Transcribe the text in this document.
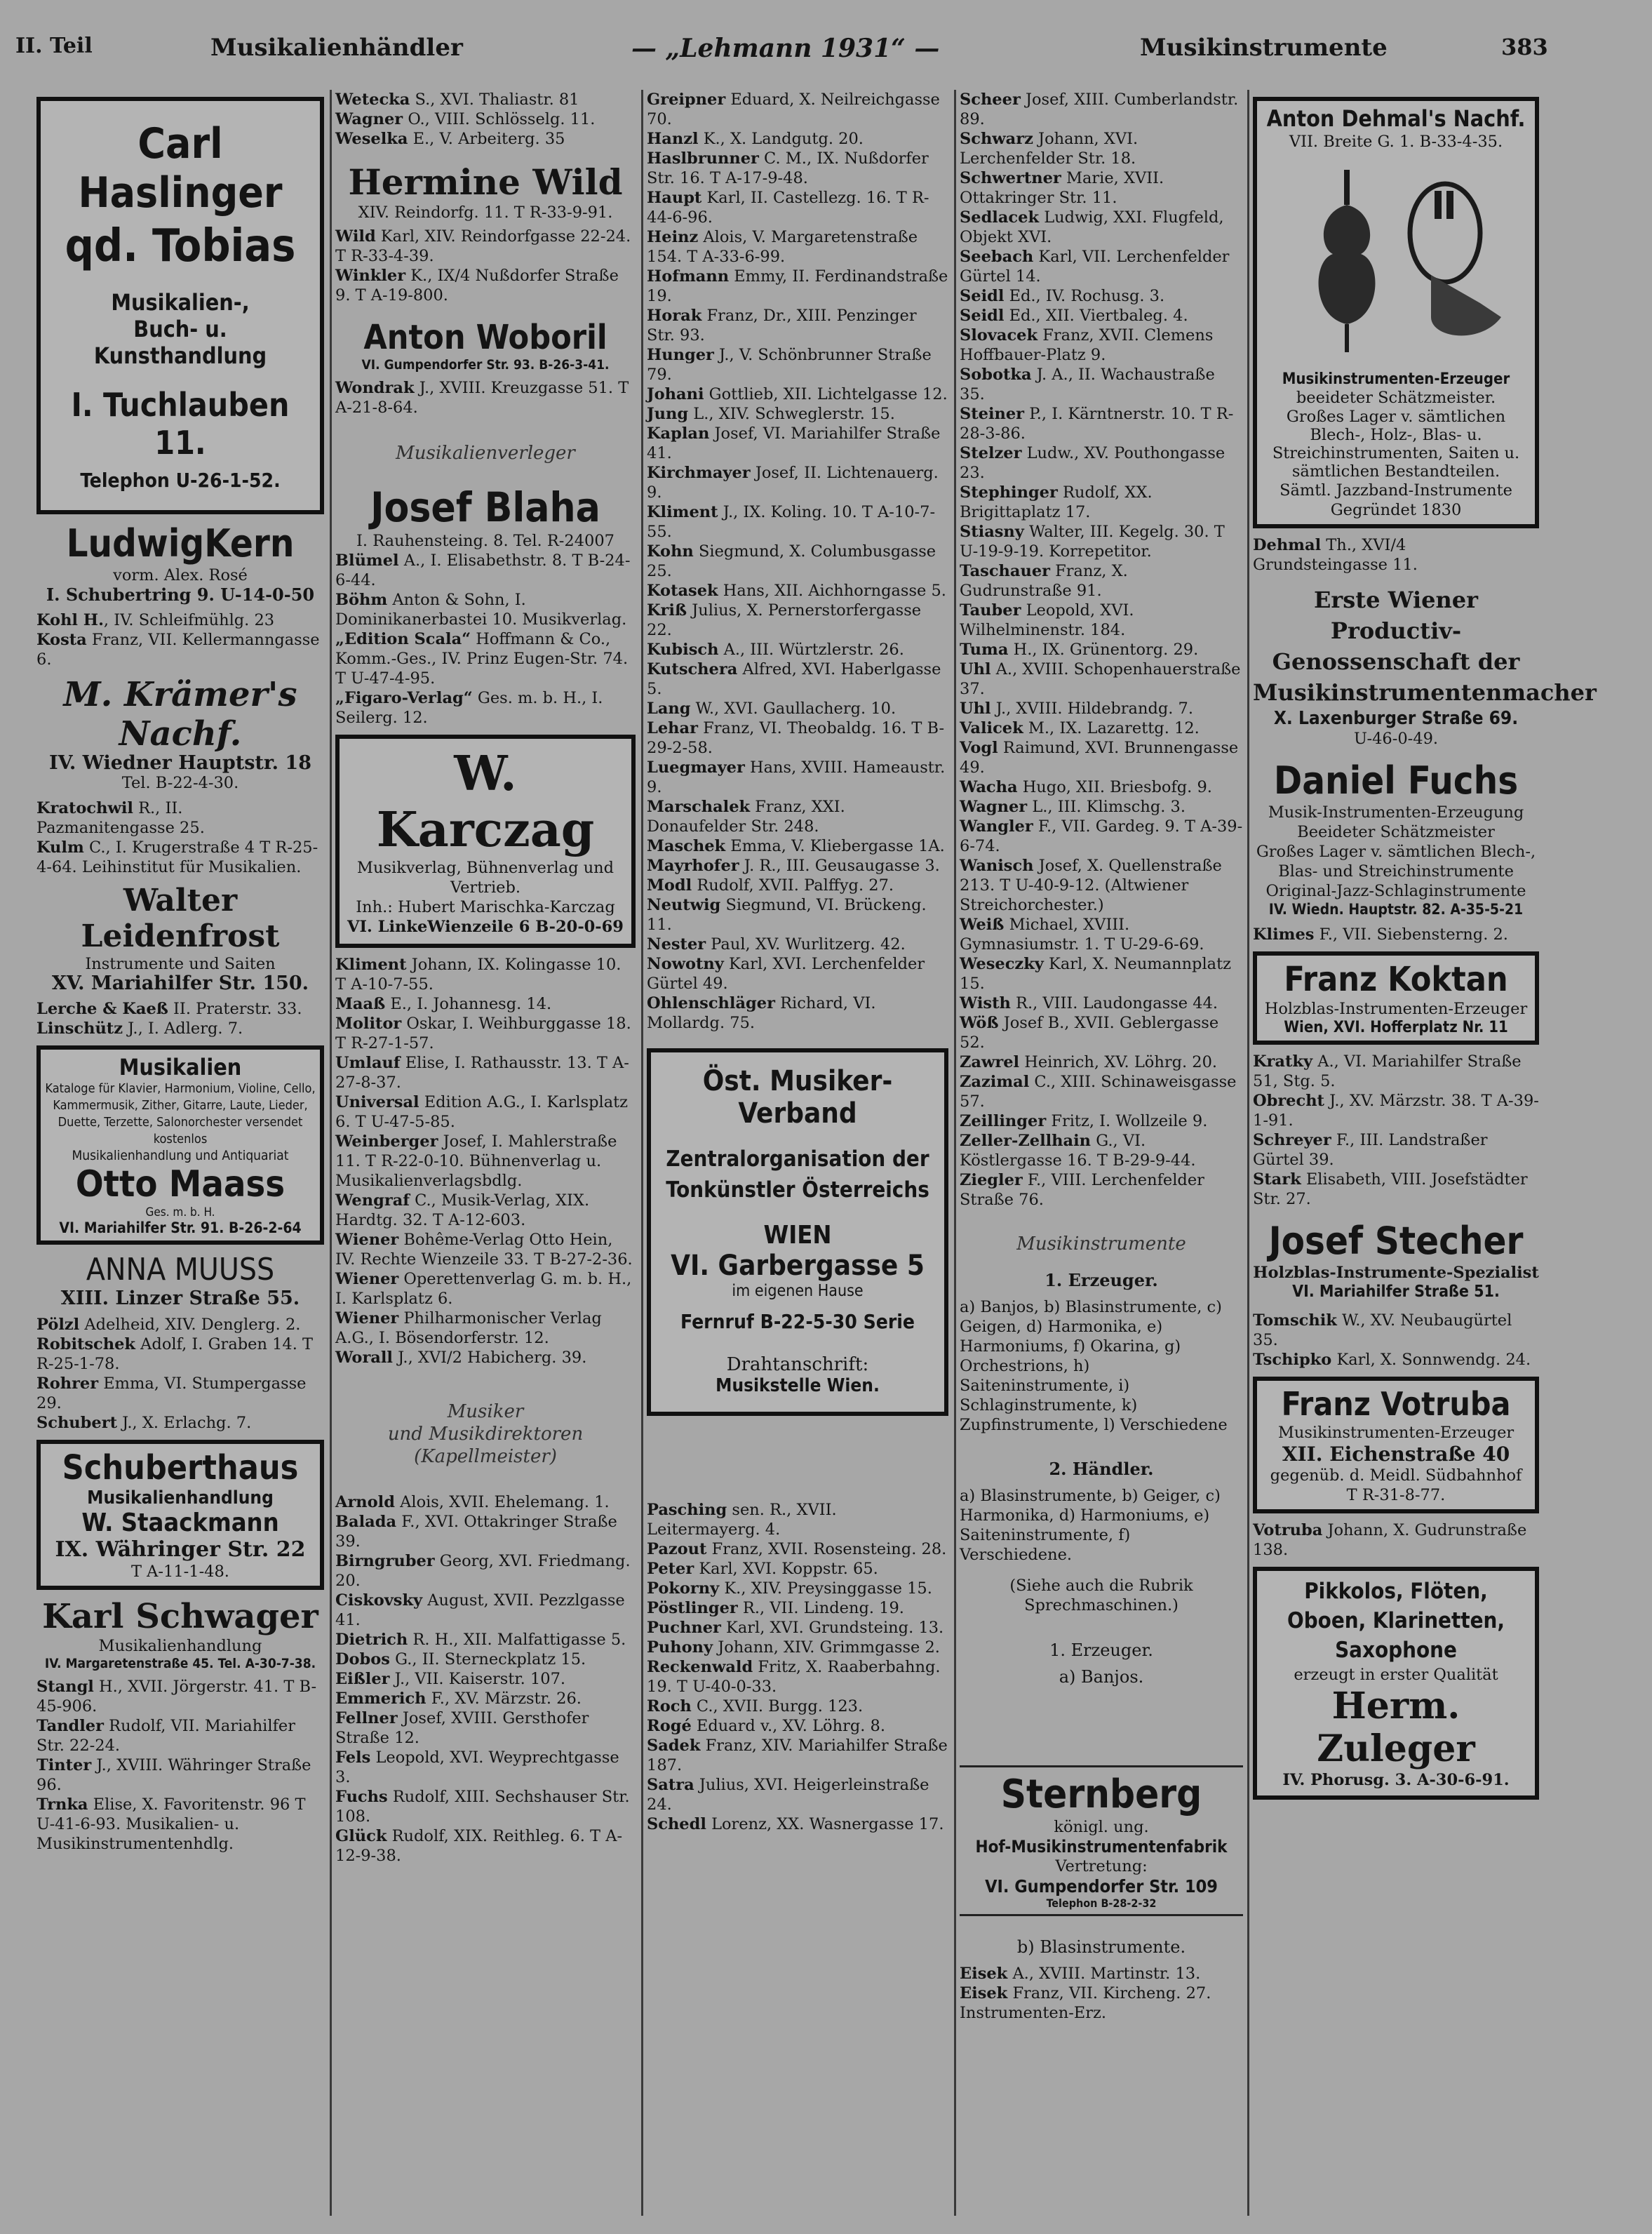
II. Teil	Musikalienhändler	— „Lehmann 1931“ —	Musikinstrumente	383
Carl Haslinger
qd. Tobias
Musikalien-,
Buch- u. Kunsthandlung
I. Tuchlauben 11.
Telephon U-26-1-52.
LudwigKern
vorm. Alex. Rosé
I. Schubertring 9. U-14-0-50

Kohl H., IV. Schleifmühlg. 23

Kosta Franz, VII. Kellermanngasse 6.

M. Krämer's Nachf.
IV. Wiedner Hauptstr. 18
Tel. B-22-4-30.

Kratochwil R., II. Pazmanitengasse 25.

Kulm C., I. Krugerstraße 4 T R-25-4-64. Leihinstitut für Musikalien.

Walter Leidenfrost
Instrumente und Saiten
XV. Mariahilfer Str. 150.

Lerche & Kaeß II. Praterstr. 33.

Linschütz J., I. Adlerg. 7.

Musikalien
Kataloge für Klavier, Harmonium, Violine, Cello, Kammermusik, Zither, Gitarre, Laute, Lieder, Duette, Terzette, Salonorchester versendet kostenlos
Musikalienhandlung und Antiquariat
Otto Maass
Ges. m. b. H.
VI. Mariahilfer Str. 91. B-26-2-64
ANNA MUUSS
XIII. Linzer Straße 55.

Pölzl Adelheid, XIV. Denglerg. 2.

Robitschek Adolf, I. Graben 14. T R-25-1-78.

Rohrer Emma, VI. Stumpergasse 29.

Schubert J., X. Erlachg. 7.

Schuberthaus
Musikalienhandlung
W. Staackmann
IX. Währinger Str. 22
T A-11-1-48.
Karl Schwager
Musikalienhandlung
IV. Margaretenstraße 45. Tel. A-30-7-38.

Stangl H., XVII. Jörgerstr. 41. T B-45-906.

Tandler Rudolf, VII. Mariahilfer Str. 22-24.

Tinter J., XVIII. Währinger Straße 96.

Trnka Elise, X. Favoritenstr. 96 T U-41-6-93. Musikalien- u. Musikinstrumentenhdlg.

Wetecka S., XVI. Thaliastr. 81

Wagner O., VIII. Schlösselg. 11.

Weselka E., V. Arbeiterg. 35

Hermine Wild
XIV. Reindorfg. 11. T R-33-9-91.

Wild Karl, XIV. Reindorfgasse 22-24. T R-33-4-39.

Winkler K., IX/4 Nußdorfer Straße 9. T A-19-800.

Anton Woboril
VI. Gumpendorfer Str. 93. B-26-3-41.

Wondrak J., XVIII. Kreuzgasse 51. T A-21-8-64.

Musikalienverleger
Josef Blaha
I. Rauhensteing. 8. Tel. R-24007

Blümel A., I. Elisabethstr. 8. T B-24-6-44.

Böhm Anton & Sohn, I. Dominikanerbastei 10. Musikverlag.

„Edition Scala“ Hoffmann & Co., Komm.-Ges., IV. Prinz Eugen-Str. 74. T U-47-4-95.

„Figaro-Verlag“ Ges. m. b. H., I. Seilerg. 12.

W. Karczag
Musikverlag, Bühnenverlag und Vertrieb.
Inh.: Hubert Marischka-Karczag
VI. LinkeWienzeile 6 B-20-0-69

Kliment Johann, IX. Kolingasse 10. T A-10-7-55.

Maaß E., I. Johannesg. 14.

Molitor Oskar, I. Weihburggasse 18. T R-27-1-57.

Umlauf Elise, I. Rathausstr. 13. T A-27-8-37.

Universal Edition A.G., I. Karlsplatz 6. T U-47-5-85.

Weinberger Josef, I. Mahlerstraße 11. T R-22-0-10. Bühnenverlag u. Musikalienverlagsbdlg.

Wengraf C., Musik-Verlag, XIX. Hardtg. 32. T A-12-603.

Wiener Bohême-Verlag Otto Hein, IV. Rechte Wienzeile 33. T B-27-2-36.

Wiener Operettenverlag G. m. b. H., I. Karlsplatz 6.

Wiener Philharmonischer Verlag A.G., I. Bösendorferstr. 12.

Worall J., XVI/2 Habicherg. 39.

Musiker
und Musikdirektoren
(Kapellmeister)

Arnold Alois, XVII. Ehelemang. 1.

Balada F., XVI. Ottakringer Straße 39.

Birngruber Georg, XVI. Friedmang. 20.

Ciskovsky August, XVII. Pezzlgasse 41.

Dietrich R. H., XII. Malfattigasse 5.

Dobos G., II. Sterneckplatz 15.

Eißler J., VII. Kaiserstr. 107.

Emmerich F., XV. Märzstr. 26.

Fellner Josef, XVIII. Gersthofer Straße 12.

Fels Leopold, XVI. Weyprechtgasse 3.

Fuchs Rudolf, XIII. Sechshauser Str. 108.

Glück Rudolf, XIX. Reithleg. 6. T A-12-9-38.

Greipner Eduard, X. Neilreichgasse 70.

Hanzl K., X. Landgutg. 20.

Haslbrunner C. M., IX. Nußdorfer Str. 16. T A-17-9-48.

Haupt Karl, II. Castellezg. 16. T R-44-6-96.

Heinz Alois, V. Margaretenstraße 154. T A-33-6-99.

Hofmann Emmy, II. Ferdinandstraße 19.

Horak Franz, Dr., XIII. Penzinger Str. 93.

Hunger J., V. Schönbrunner Straße 79.

Johani Gottlieb, XII. Lichtelgasse 12.

Jung L., XIV. Schweglerstr. 15.

Kaplan Josef, VI. Mariahilfer Straße 41.

Kirchmayer Josef, II. Lichtenauerg. 9.

Kliment J., IX. Koling. 10. T A-10-7-55.

Kohn Siegmund, X. Columbusgasse 25.

Kotasek Hans, XII. Aichhorngasse 5.

Kriß Julius, X. Pernerstorfergasse 22.

Kubisch A., III. Würtzlerstr. 26.

Kutschera Alfred, XVI. Haberlgasse 5.

Lang W., XVI. Gaullacherg. 10.

Lehar Franz, VI. Theobaldg. 16. T B-29-2-58.

Luegmayer Hans, XVIII. Hameaustr. 9.

Marschalek Franz, XXI. Donaufelder Str. 248.

Maschek Emma, V. Kliebergasse 1A.

Mayrhofer J. R., III. Geusaugasse 3.

Modl Rudolf, XVII. Palffyg. 27.

Neutwig Siegmund, VI. Brückeng. 11.

Nester Paul, XV. Wurlitzerg. 42.

Nowotny Karl, XVI. Lerchenfelder Gürtel 49.

Ohlenschläger Richard, VI. Mollardg. 75.

Öst. Musiker-Verband
Zentralorganisation der Tonkünstler Österreichs
WIEN
VI. Garbergasse 5
im eigenen Hause
Fernruf B-22-5-30 Serie
Drahtanschrift:
Musikstelle Wien.

Pasching sen. R., XVII. Leitermayerg. 4.

Pazout Franz, XVII. Rosensteing. 28.

Peter Karl, XVI. Koppstr. 65.

Pokorny K., XIV. Preysinggasse 15.

Pöstlinger R., VII. Lindeng. 19.

Puchner Karl, XVI. Grundsteing. 13.

Puhony Johann, XIV. Grimmgasse 2.

Reckenwald Fritz, X. Raaberbahng. 19. T U-40-0-33.

Roch C., XVII. Burgg. 123.

Rogé Eduard v., XV. Löhrg. 8.

Sadek Franz, XIV. Mariahilfer Straße 187.

Satra Julius, XVI. Heigerleinstraße 24.

Schedl Lorenz, XX. Wasnergasse 17.

Scheer Josef, XIII. Cumberlandstr. 89.

Schwarz Johann, XVI. Lerchenfelder Str. 18.

Schwertner Marie, XVII. Ottakringer Str. 11.

Sedlacek Ludwig, XXI. Flugfeld, Objekt XVI.

Seebach Karl, VII. Lerchenfelder Gürtel 14.

Seidl Ed., IV. Rochusg. 3.

Seidl Ed., XII. Viertbaleg. 4.

Slovacek Franz, XVII. Clemens Hoffbauer-Platz 9.

Sobotka J. A., II. Wachaustraße 35.

Steiner P., I. Kärntnerstr. 10. T R-28-3-86.

Stelzer Ludw., XV. Pouthongasse 23.

Stephinger Rudolf, XX. Brigittaplatz 17.

Stiasny Walter, III. Kegelg. 30. T U-19-9-19. Korrepetitor.

Taschauer Franz, X. Gudrunstraße 91.

Tauber Leopold, XVI. Wilhelminenstr. 184.

Tuma H., IX. Grünentorg. 29.

Uhl A., XVIII. Schopenhauerstraße 37.

Uhl J., XVIII. Hildebrandg. 7.

Valicek M., IX. Lazarettg. 12.

Vogl Raimund, XVI. Brunnengasse 49.

Wacha Hugo, XII. Briesbofg. 9.

Wagner L., III. Klimschg. 3.

Wangler F., VII. Gardeg. 9. T A-39-6-74.

Wanisch Josef, X. Quellenstraße 213. T U-40-9-12. (Altwiener Streichorchester.)

Weiß Michael, XVIII. Gymnasiumstr. 1. T U-29-6-69.

Weseczky Karl, X. Neumannplatz 15.

Wisth R., VIII. Laudongasse 44.

Wöß Josef B., XVII. Geblergasse 52.

Zawrel Heinrich, XV. Löhrg. 20.

Zazimal C., XIII. Schinaweisgasse 57.

Zeillinger Fritz, I. Wollzeile 9.

Zeller-Zellhain G., VI. Köstlergasse 16. T B-29-9-44.

Ziegler F., VIII. Lerchenfelder Straße 76.

Musikinstrumente
1. Erzeuger.

a) Banjos, b) Blasinstrumente, c) Geigen, d) Harmonika, e) Harmoniums, f) Okarina, g) Orchestrions, h) Saiteninstrumente, i) Schlaginstrumente, k) Zupfinstrumente, l) Verschiedene

2. Händler.

a) Blasinstrumente, b) Geiger, c) Harmonika, d) Harmoniums, e) Saiteninstrumente, f) Verschiedene.

(Siehe auch die Rubrik Sprechmaschinen.)

1. Erzeuger.
a) Banjos.
Sternberg
königl. ung.
Hof-Musikinstrumentenfabrik
Vertretung:
VI. Gumpendorfer Str. 109
Telephon B-28-2-32
b) Blasinstrumente.

Eisek A., XVIII. Martinstr. 13.

Eisek Franz, VII. Kircheng. 27. Instrumenten-Erz.

Anton Dehmal's Nachf.
VII. Breite G. 1. B-33-4-35.
Musikinstrumenten-Erzeuger
beeideter Schätzmeister.
Großes Lager v. sämtlichen Blech-, Holz-, Blas- u. Streichinstrumenten, Saiten u. sämtlichen Bestandteilen.
Sämtl. Jazzband-Instrumente
Gegründet 1830

Dehmal Th., XVI/4 Grundsteingasse 11.

Erste Wiener Productiv-Genossenschaft der Musikinstrumentenmacher
X. Laxenburger Straße 69.
U-46-0-49.
Daniel Fuchs
Musik-Instrumenten-Erzeugung
Beeideter Schätzmeister
Großes Lager v. sämtlichen Blech-, Blas- und Streichinstrumente
Original-Jazz-Schlaginstrumente
IV. Wiedn. Hauptstr. 82. A-35-5-21

Klimes F., VII. Siebensterng. 2.

Franz Koktan
Holzblas-Instrumenten-Erzeuger
Wien, XVI. Hofferplatz Nr. 11

Kratky A., VI. Mariahilfer Straße 51, Stg. 5.

Obrecht J., XV. Märzstr. 38. T A-39-1-91.

Schreyer F., III. Landstraßer Gürtel 39.

Stark Elisabeth, VIII. Josefstädter Str. 27.

Josef Stecher
Holzblas-Instrumente-Spezialist
VI. Mariahilfer Straße 51.

Tomschik W., XV. Neubaugürtel 35.

Tschipko Karl, X. Sonnwendg. 24.

Franz Votruba
Musikinstrumenten-Erzeuger
XII. Eichenstraße 40
gegenüb. d. Meidl. Südbahnhof
T R-31-8-77.

Votruba Johann, X. Gudrunstraße 138.

Pikkolos, Flöten, Oboen, Klarinetten, Saxophone
erzeugt in erster Qualität
Herm. Zuleger
IV. Phorusg. 3. A-30-6-91.
